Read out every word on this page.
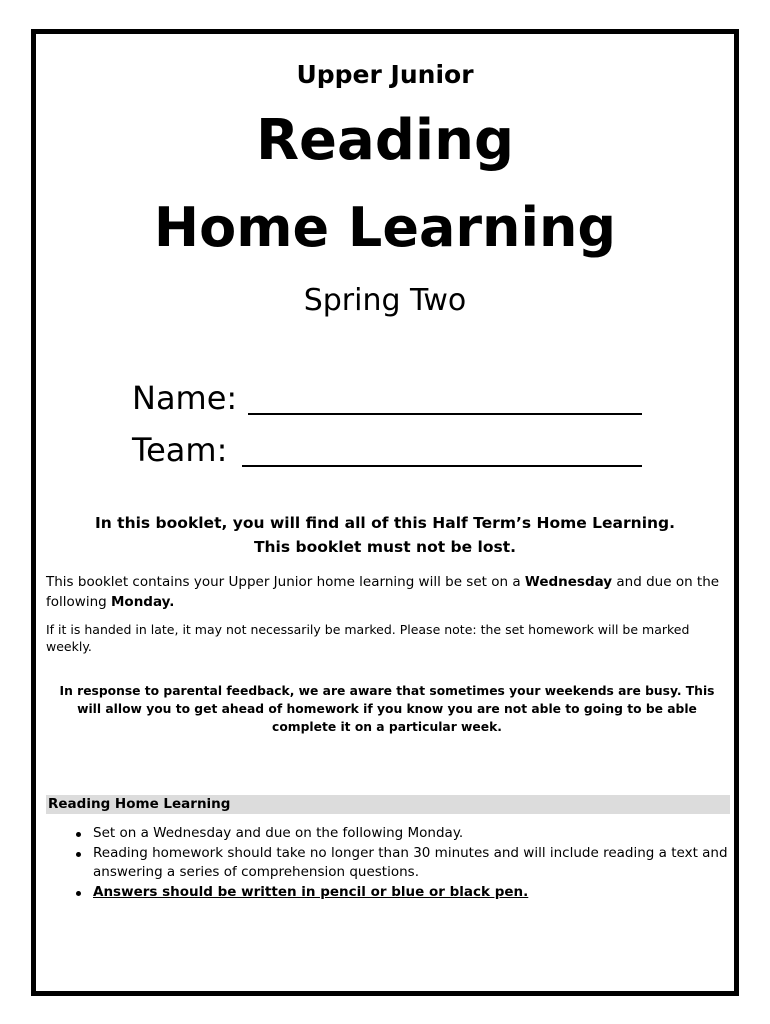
Upper Junior
Reading
Home Learning
Spring Two
Name:
Team:
In this booklet, you will find all of this Half Term’s Home Learning.
This booklet must not be lost.
This booklet contains your Upper Junior home learning will be set on a Wednesday and due on the following Monday.
If it is handed in late, it may not necessarily be marked. Please note: the set homework will be marked weekly.
In response to parental feedback, we are aware that sometimes your weekends are busy. This will allow you to get ahead of homework if you know you are not able to going to be able complete it on a particular week.
Reading Home Learning
Set on a Wednesday and due on the following Monday.
Reading homework should take no longer than 30 minutes and will include reading a text and answering a series of comprehension questions.
Answers should be written in pencil or blue or black pen.
